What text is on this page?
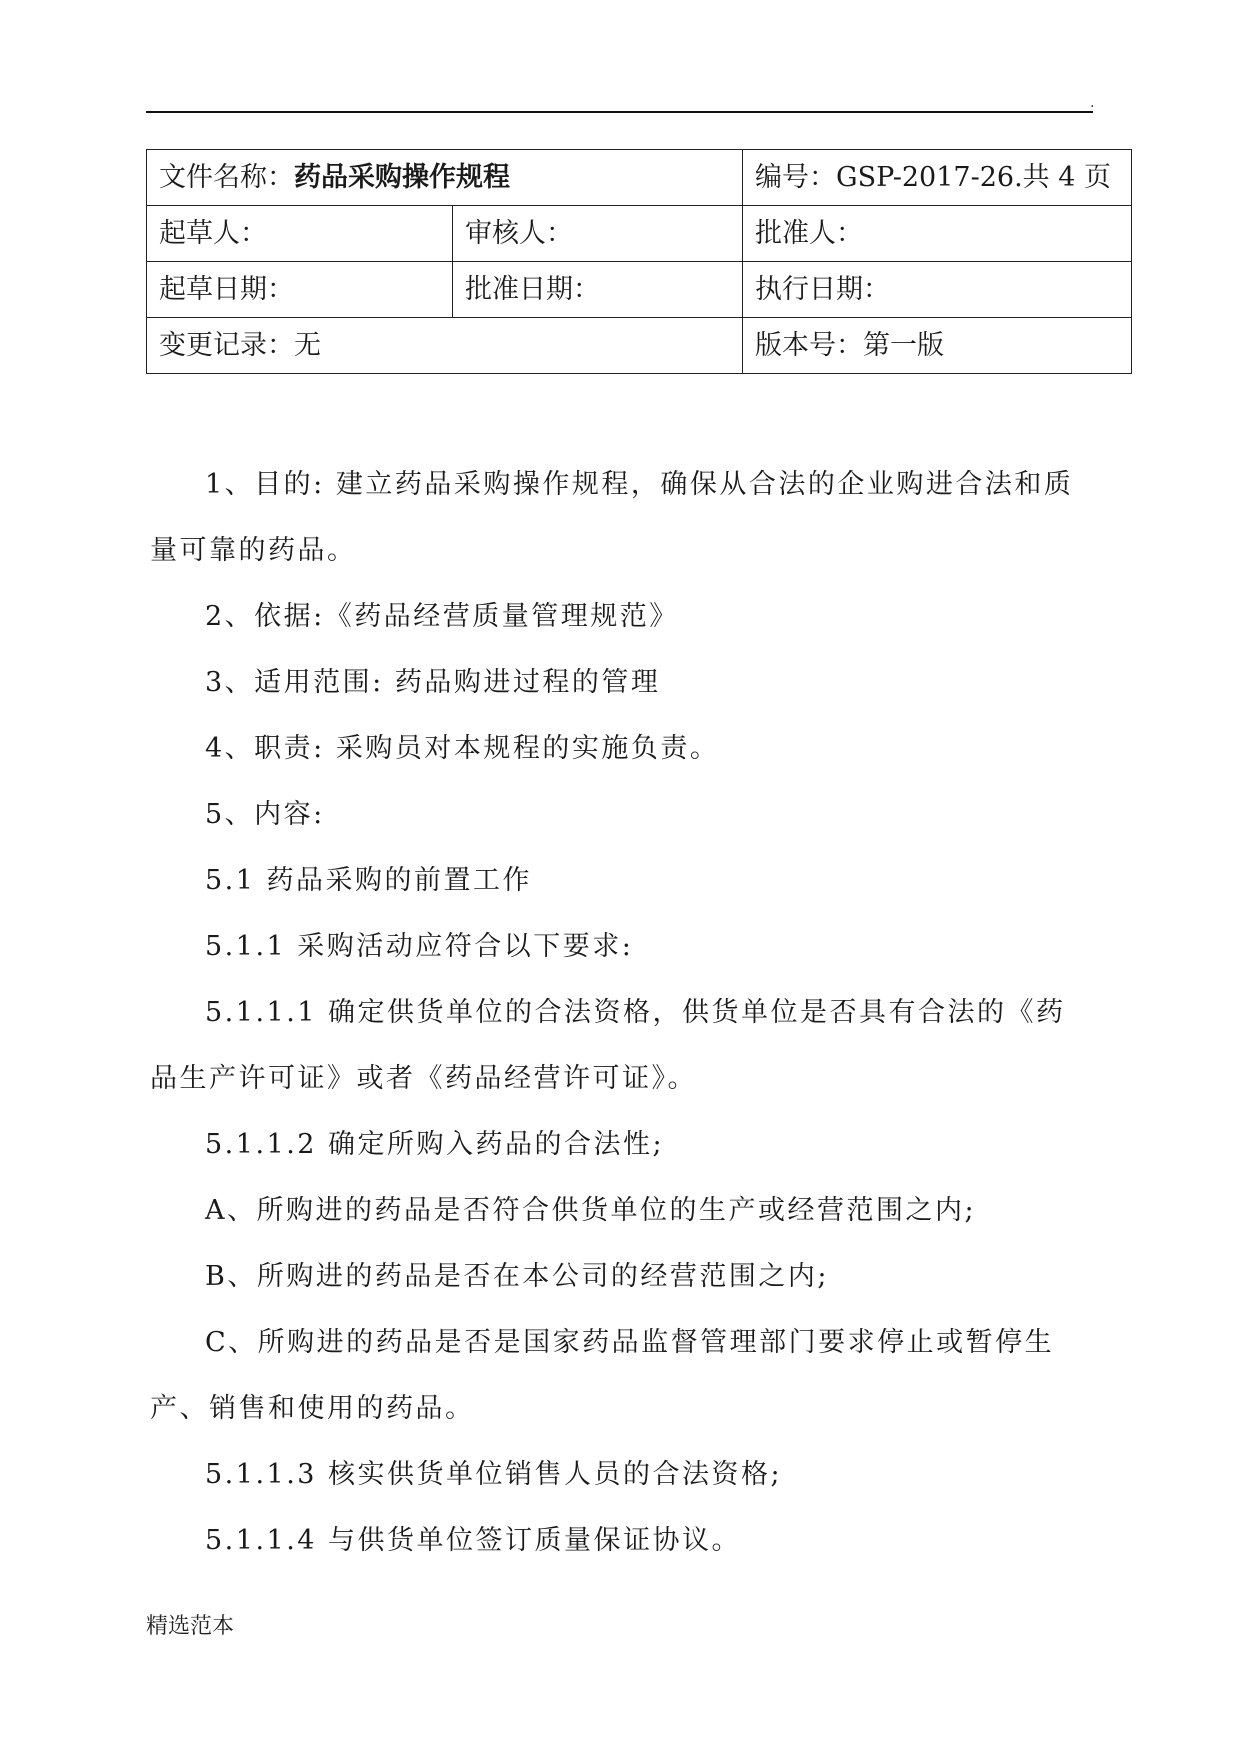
.
文件名称：药品采购操作规程		编号：GSP-2017-26.共 4 页
起草人：	审核人：	批准人：
起草日期：	批准日期：	执行日期：
变更记录：无		版本号：第一版

1、目的: 建立药品采购操作规程，确保从合法的企业购进合法和质量可靠的药品。

2、依据:《药品经营质量管理规范》

3、适用范围: 药品购进过程的管理

4、职责: 采购员对本规程的实施负责。

5、内容:

5.1 药品采购的前置工作

5.1.1 采购活动应符合以下要求:

5.1.1.1 确定供货单位的合法资格，供货单位是否具有合法的《药品生产许可证》或者《药品经营许可证》。

5.1.1.2 确定所购入药品的合法性;

A、所购进的药品是否符合供货单位的生产或经营范围之内;

B、所购进的药品是否在本公司的经营范围之内;

C、所购进的药品是否是国家药品监督管理部门要求停止或暂停生产、销售和使用的药品。

5.1.1.3 核实供货单位销售人员的合法资格;

5.1.1.4 与供货单位签订质量保证协议。

精选范本
